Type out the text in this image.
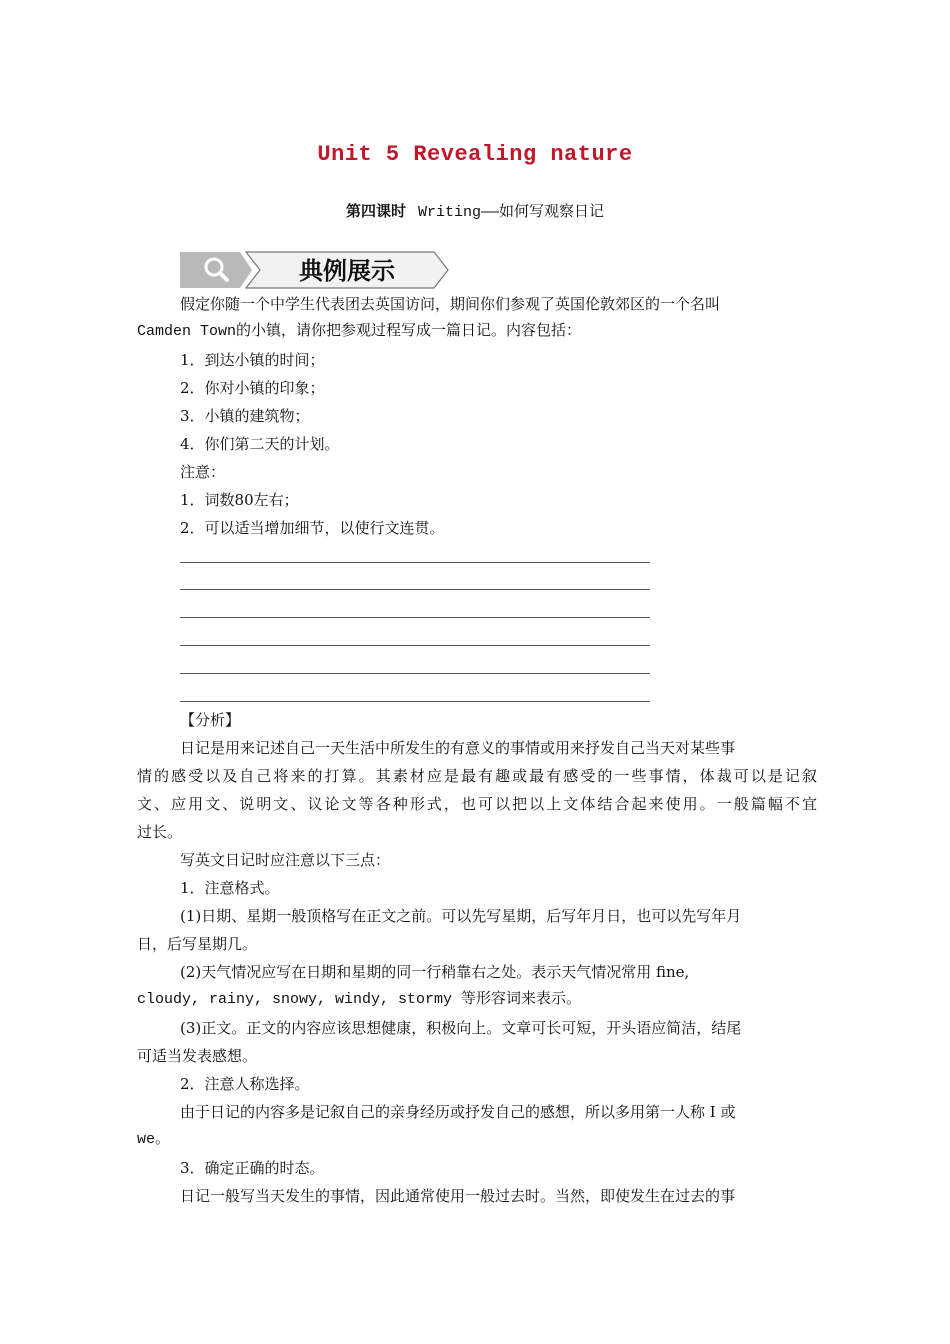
Unit 5 Revealing nature
第四课时 Writing——如何写观察日记
典例展示
假定你随一个中学生代表团去英国访问，期间你们参观了英国伦敦郊区的一个名叫
Camden Town的小镇，请你把参观过程写成一篇日记。内容包括：
1．到达小镇的时间；
2．你对小镇的印象；
3．小镇的建筑物；
4．你们第二天的计划。
注意：
1．词数80左右；
2．可以适当增加细节，以使行文连贯。
【分析】
日记是用来记述自己一天生活中所发生的有意义的事情或用来抒发自己当天对某些事
情的感受以及自己将来的打算。其素材应是最有趣或最有感受的一些事情，体裁可以是记叙
文、应用文、说明文、议论文等各种形式，也可以把以上文体结合起来使用。一般篇幅不宜
过长。
写英文日记时应注意以下三点：
1．注意格式。
(1)日期、星期一般顶格写在正文之前。可以先写星期，后写年月日，也可以先写年月
日，后写星期几。
(2)天气情况应写在日期和星期的同一行稍靠右之处。表示天气情况常用 fine,
cloudy, rainy, snowy, windy, stormy 等形容词来表示。
(3)正文。正文的内容应该思想健康，积极向上。文章可长可短，开头语应简洁，结尾
可适当发表感想。
2．注意人称选择。
由于日记的内容多是记叙自己的亲身经历或抒发自己的感想，所以多用第一人称 I 或
we。
3．确定正确的时态。
日记一般写当天发生的事情，因此通常使用一般过去时。当然，即使发生在过去的事
